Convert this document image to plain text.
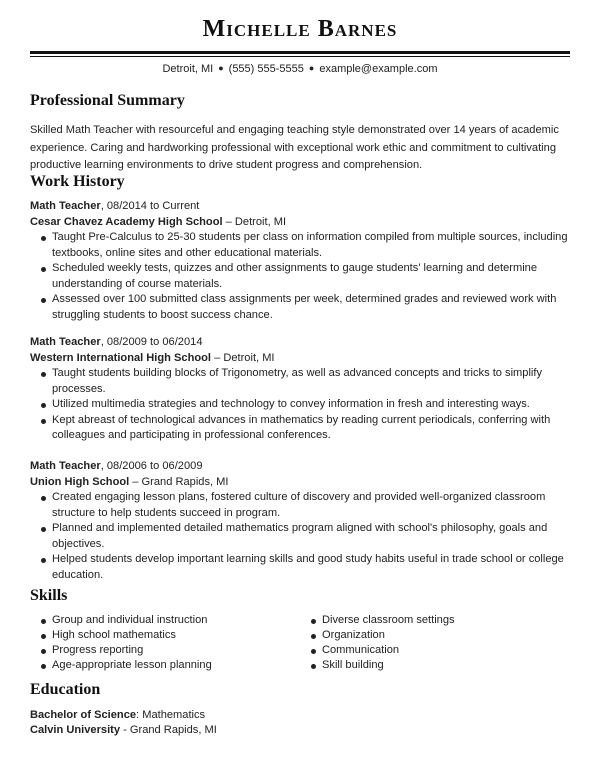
Michelle Barnes
Detroit, MI ● (555) 555-5555 ● example@example.com
Professional Summary
Skilled Math Teacher with resourceful and engaging teaching style demonstrated over 14 years of academic experience. Caring and hardworking professional with exceptional work ethic and commitment to cultivating productive learning environments to drive student progress and comprehension.
Work History
Math Teacher, 08/2014 to Current
Cesar Chavez Academy High School – Detroit, MI
Taught Pre-Calculus to 25-30 students per class on information compiled from multiple sources, including textbooks, online sites and other educational materials.
Scheduled weekly tests, quizzes and other assignments to gauge students' learning and determine understanding of course materials.
Assessed over 100 submitted class assignments per week, determined grades and reviewed work with struggling students to boost success chance.
Math Teacher, 08/2009 to 06/2014
Western International High School – Detroit, MI
Taught students building blocks of Trigonometry, as well as advanced concepts and tricks to simplify processes.
Utilized multimedia strategies and technology to convey information in fresh and interesting ways.
Kept abreast of technological advances in mathematics by reading current periodicals, conferring with colleagues and participating in professional conferences.
Math Teacher, 08/2006 to 06/2009
Union High School – Grand Rapids, MI
Created engaging lesson plans, fostered culture of discovery and provided well-organized classroom structure to help students succeed in program.
Planned and implemented detailed mathematics program aligned with school's philosophy, goals and objectives.
Helped students develop important learning skills and good study habits useful in trade school or college education.
Skills
Group and individual instruction
High school mathematics
Progress reporting
Age-appropriate lesson planning
Diverse classroom settings
Organization
Communication
Skill building
Education
Bachelor of Science: Mathematics
Calvin University - Grand Rapids, MI
